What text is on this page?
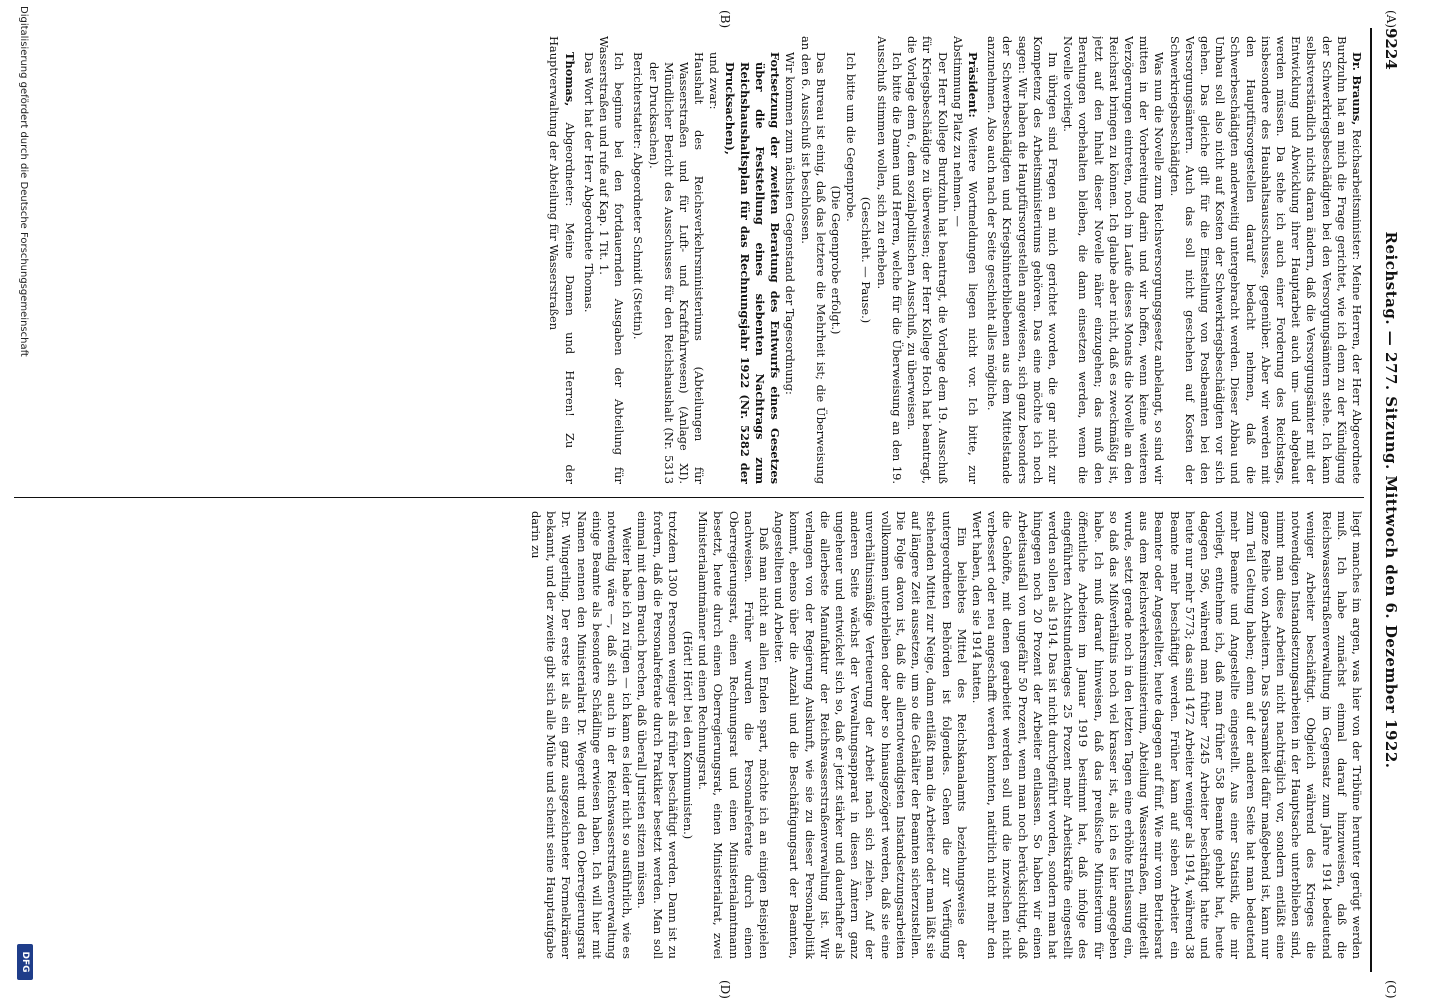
(A)
(B)
(C)
(D)
9224
Reichstag. — 277. Sitzung. Mittwoch den 6. Dezember 1922.

Dr. Brauns, Reichsarbeitsminister: Meine Herren, der Herr Abgeordnete Burdzuhn hat an mich die Frage gerichtet, wie ich denn zu der Kündigung der Schwerkriegsbeschädigten bei den Versorgungsämtern stehe. Ich kann selbstverständlich nichts daran ändern, daß die Versorgungsämter mit der Entwicklung und Abwicklung ihrer Hauptarbeit auch um- und abgebaut werden müssen. Da stehe ich auch einer Forderung des Reichstags, insbesondere des Haushaltsausschusses, gegenüber. Aber wir werden mit den Hauptfürsorgestellen darauf bedacht nehmen, daß die Schwerbeschädigten anderweitig untergebracht werden. Dieser Abbau und Umbau soll also nicht auf Kosten der Schwerkriegsbeschädigten vor sich gehen. Das gleiche gilt für die Einstellung von Postbeamten bei den Versorgungsämtern. Auch das soll nicht geschehen auf Kosten der Schwerkriegsbeschädigten.

Was nun die Novelle zum Reichsversorgungsgesetz anbelangt, so sind wir mitten in der Vorbereitung darin und wir hoffen, wenn keine weiteren Verzögerungen eintreten, noch im Laufe dieses Monats die Novelle an den Reichsrat bringen zu können. Ich glaube aber nicht, daß es zweckmäßig ist, jetzt auf den Inhalt dieser Novelle näher einzugehen; das muß den Beratungen vorbehalten bleiben, die dann einsetzen werden, wenn die Novelle vorliegt.

Im übrigen sind Fragen an mich gerichtet worden, die gar nicht zur Kompetenz des Arbeitsministeriums gehören. Das eine möchte ich noch sagen: Wir haben die Hauptfürsorgestellen angewiesen, sich ganz besonders der Schwerbeschädigten und Kriegshinterbliebenen aus dem Mittelstande anzunehmen. Also auch nach der Seite geschieht alles mögliche.

Präsident: Weitere Wortmeldungen liegen nicht vor. Ich bitte, zur Abstimmung Platz zu nehmen. —

Der Herr Kollege Burdzuhn hat beantragt, die Vorlage dem 19. Ausschuß für Kriegsbeschädigte zu überweisen; der Herr Kollege Hoch hat beantragt, die Vorlage dem 6., dem sozialpolitischen Ausschuß, zu überweisen.

Ich bitte die Damen und Herren, welche für die Überweisung an den 19. Ausschuß stimmen wollen, sich zu erheben.

(Geschieht. — Pause.)

Ich bitte um die Gegenprobe.

(Die Gegenprobe erfolgt.)

Das Bureau ist einig, daß das letztere die Mehrheit ist; die Überweisung an den 6. Ausschuß ist beschlossen.

Wir kommen zum nächsten Gegenstand der Tagesordnung:

Fortsetzung der zweiten Beratung des Entwurfs eines Gesetzes über die Feststellung eines siebenten Nachtrags zum Reichshaushaltsplan für das Rechnungsjahr 1922 (Nr. 5282 der Drucksachen),

und zwar:

Haushalt des Reichsverkehrsministeriums (Abteilungen für Wasserstraßen und für Luft- und Kraftfahrwesen) (Anlage XI). Mündlicher Bericht des Ausschusses für den Reichshaushalt (Nr. 5313 der Drucksachen).

Berichterstatter: Abgeordneter Schmidt (Stettin).

Ich beginne bei den fortdauernden Ausgaben der Abteilung für Wasserstraßen und rufe auf Kap. 1 Tit. 1.

Das Wort hat der Herr Abgeordnete Thomas.

Thomas, Abgeordneter: Meine Damen und Herren! Zu der Hauptverwaltung der Abteilung für Wasserstraßen

liegt manches im argen, was hier von der Tribüne herunter gerügt werden muß. Ich habe zunächst einmal darauf hinzuweisen, daß die Reichswasserstraßenverwaltung im Gegensatz zum Jahre 1914 bedeutend weniger Arbeiter beschäftigt. Obgleich während des Krieges die notwendigen Instandsetzungsarbeiten in der Hauptsache unterblieben sind, nimmt man diese Arbeiten nicht nachträglich vor, sondern entläßt eine ganze Reihe von Arbeitern. Das Sparsamkeit dafür maßgebend ist, kann nur zum Teil Geltung haben; denn auf der anderen Seite hat man bedeutend mehr Beamte und Angestellte eingestellt. Aus einer Statistik, die mir vorliegt, entnehme ich, daß man früher 558 Beamte gehabt hat, heute dagegen 596, während man früher 7245 Arbeiter beschäftigt hatte und heute nur mehr 5773; das sind 1472 Arbeiter weniger als 1914, während 38 Beamte mehr beschäftigt werden. Früher kam auf sieben Arbeiter ein Beamter oder Angestellter, heute dagegen auf fünf. Wie mir vom Betriebsrat aus dem Reichsverkehrsministerium, Abteilung Wasserstraßen, mitgeteilt wurde, setzt gerade noch in den letzten Tagen eine erhöhte Entlassung ein, so daß das Mißverhältnis noch viel krasser ist, als ich es hier angegeben habe. Ich muß darauf hinweisen, daß das preußische Ministerium für öffentliche Arbeiten im Januar 1919 bestimmt hat, daß infolge des eingeführten Achtstundentages 25 Prozent mehr Arbeitskräfte eingestellt werden sollen als 1914. Das ist nicht durchgeführt worden, sondern man hat hingegen noch 20 Prozent der Arbeiter entlassen. So haben wir einen Arbeitsausfall von ungefähr 50 Prozent, wenn man noch berücksichtigt, daß die Gehöfte, mit denen gearbeitet werden soll und die inzwischen nicht verbessert oder neu angeschafft werden konnten, natürlich nicht mehr den Wert haben, den sie 1914 hatten.

Ein beliebtes Mittel des Reichskanalamts beziehungsweise der untergeordneten Behörden ist folgendes. Gehen die zur Verfügung stehenden Mittel zur Neige, dann entläßt man die Arbeiter oder man läßt sie auf längere Zeit aussetzen, um so die Gehälter der Beamten sicherzustellen. Die Folge davon ist, daß die allernotwendigsten Instandsetzungsarbeiten vollkommen unterbleiben oder aber so hinausgezögert werden, daß sie eine unverhältnismäßige Verteuerung der Arbeit nach sich ziehen. Auf der anderen Seite wächst der Verwaltungsapparat in diesen Ämtern ganz ungeheuer und entwickelt sich so, daß er jetzt stärker und dauerhafter als die allerbeste Manufaktur der Reichswasserstraßenverwaltung ist. Wir verlangen von der Regierung Auskunft, wie sie zu dieser Personalpolitik kommt, ebenso über die Anzahl und die Beschäftigungsart der Beamten, Angestellten und Arbeiter.

Daß man nicht an allen Enden spart, möchte ich an einigen Beispielen nachweisen. Früher wurden die Personalreferate durch einen Oberregierungsrat, einen Rechnungsrat und einen Ministerialamtmann besetzt, heute durch einen Oberregierungsrat, einen Ministerialrat, zwei Ministerialamtmänner und einen Rechnungsrat.

(Hört! Hört! bei den Kommunisten.)

trotzdem 1300 Personen weniger als früher beschäftigt werden. Dann ist zu fordern, daß die Personalreferate durch Praktiker besetzt werden. Man soll einmal mit dem Brauch brechen, daß überall Juristen sitzen müssen.

Weiter habe ich zu rügen — ich kann es leider nicht so ausführlich, wie es notwendig wäre —, daß sich auch in der Reichswasserstraßenverwaltung einige Beamte als besondere Schädlinge erwiesen haben. Ich will hier mit Namen nennen den Ministerialrat Dr. Wegerdt und den Oberregierungsrat Dr. Wingerling. Der erste ist als ein ganz ausgezeichneter Formelkrämer bekannt, und der zweite gibt sich alle Mühe und scheint seine Hauptaufgabe darin zu

Digitalisierung gefördert durch die Deutsche Forschungsgemeinschaft
DFG
